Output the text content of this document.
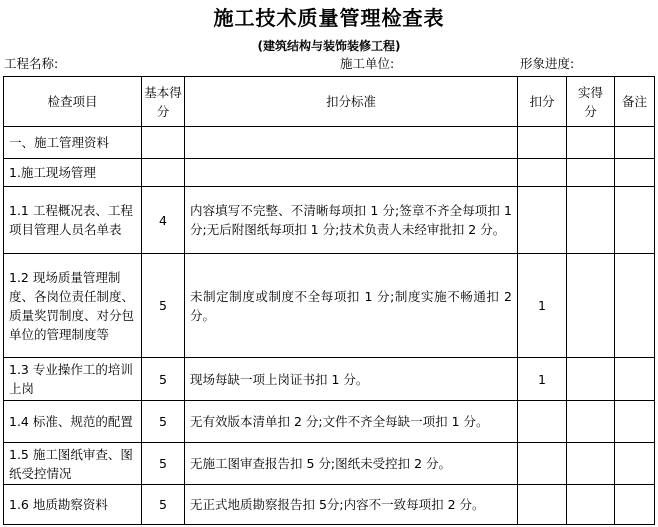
施工技术质量管理检查表
(建筑结构与装饰装修工程)
工程名称:	施工单位:	形象进度:
检查项目	基本得分	扣分标准	扣分	实得分	备注
一、施工管理资料					
1.施工现场管理					
1.1 工程概况表、工程项目管理人员名单表	4	内容填写不完整、不清晰每项扣 1 分;签章不齐全每项扣 1 分;无后附图纸每项扣 1 分;技术负责人未经审批扣 2 分。			
1.2 现场质量管理制度、各岗位责任制度、质量奖罚制度、对分包单位的管理制度等	5	未制定制度或制度不全每项扣 1 分;制度实施不畅通扣 2 分。	1		
1.3 专业操作工的培训上岗	5	现场每缺一项上岗证书扣 1 分。	1		
1.4 标准、规范的配置	5	无有效版本清单扣 2 分;文件不齐全每缺一项扣 1 分。			
1.5 施工图纸审查、图纸受控情况	5	无施工图审查报告扣 5 分;图纸未受控扣 2 分。			
1.6 地质勘察资料	5	无正式地质勘察报告扣 5分;内容不一致每项扣 2 分。			
